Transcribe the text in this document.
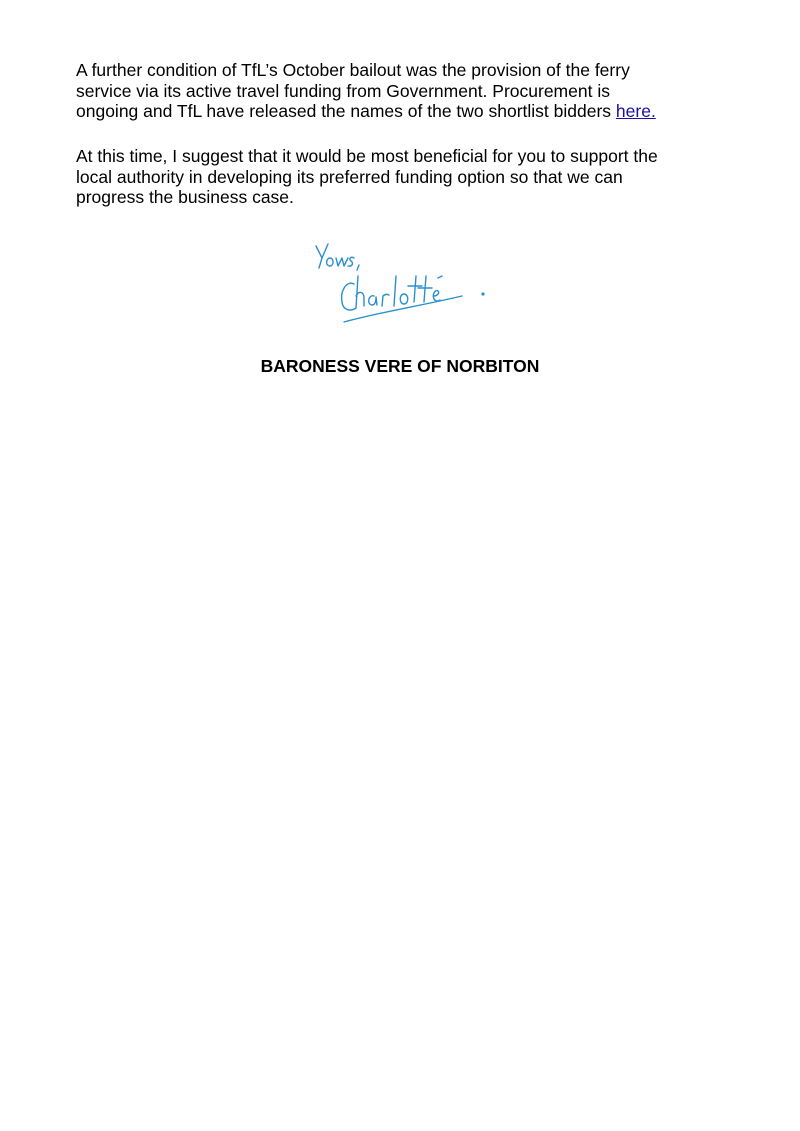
A further condition of TfL’s October bailout was the provision of the ferry
service via its active travel funding from Government. Procurement is
ongoing and TfL have released the names of the two shortlist bidders here.

At this time, I suggest that it would be most beneficial for you to support the
local authority in developing its preferred funding option so that we can
progress the business case.

BARONESS VERE OF NORBITON
